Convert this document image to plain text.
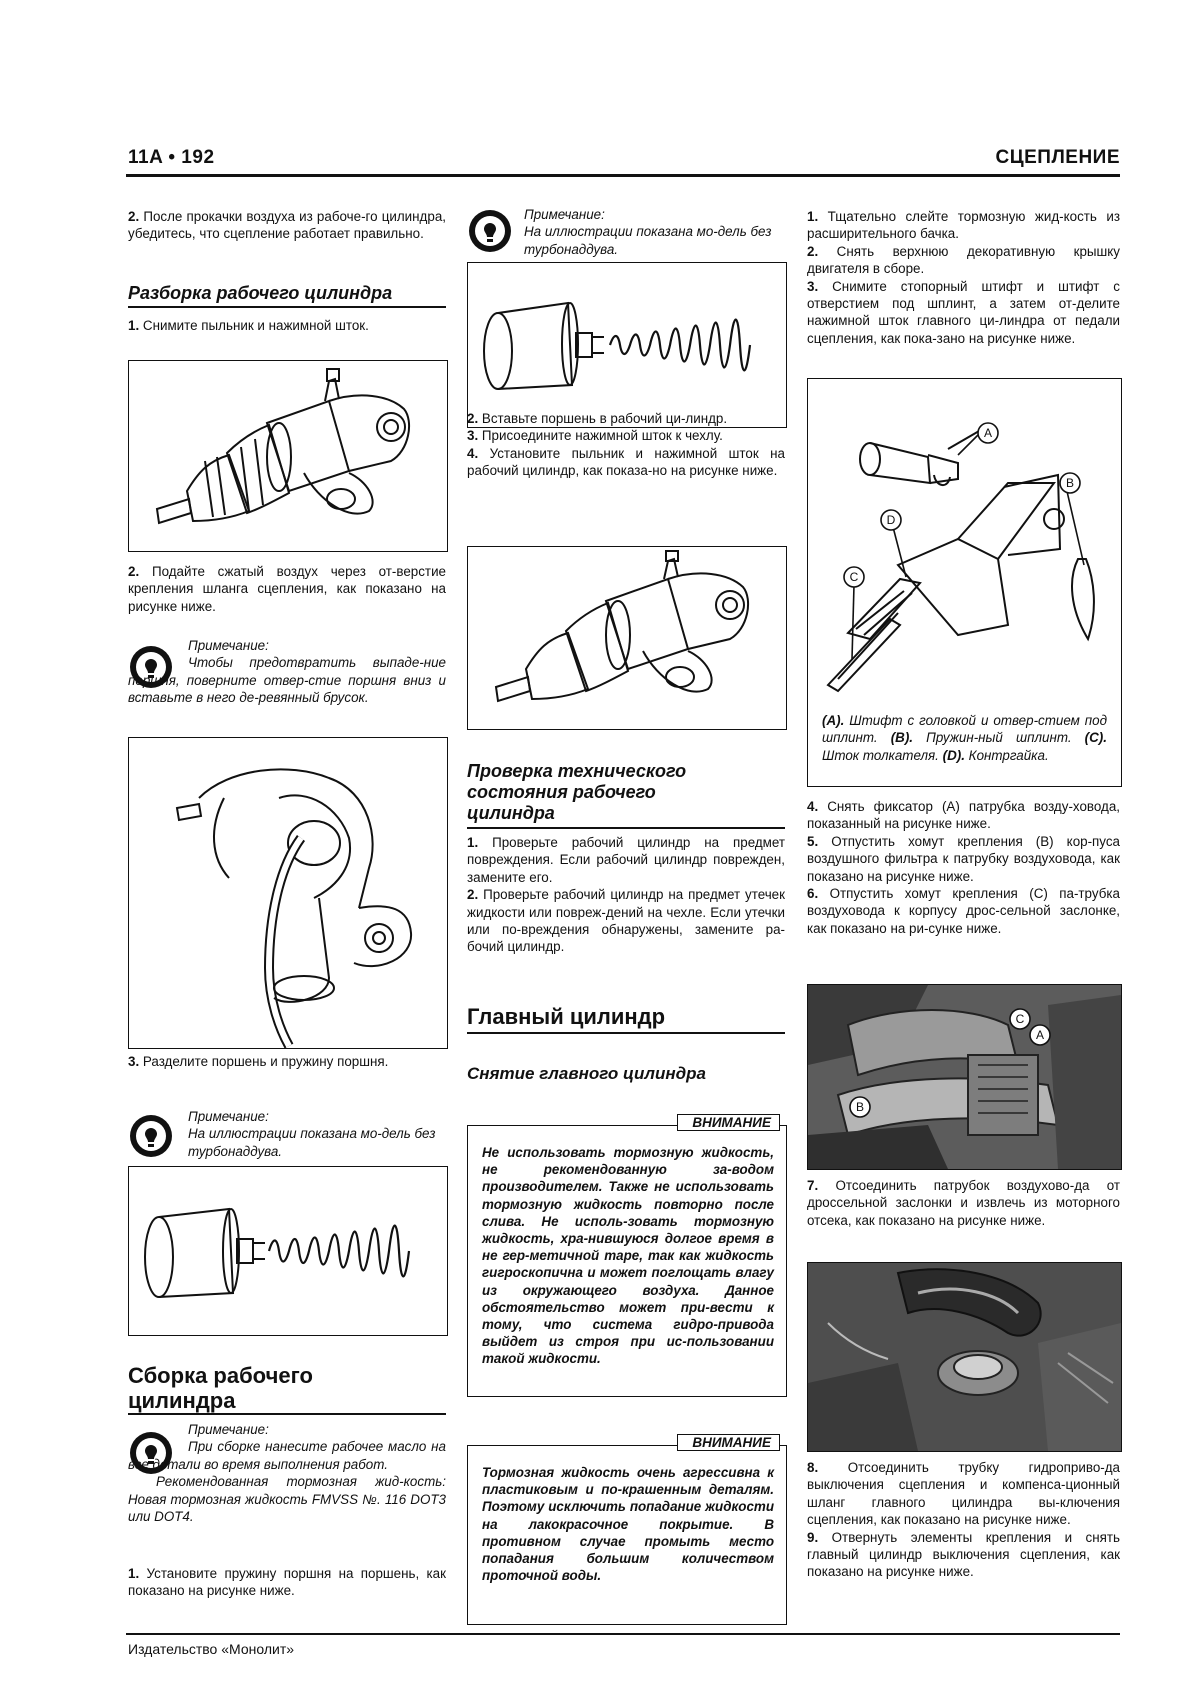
11A • 192	СЦЕПЛЕНИЕ

2. После прокачки воздуха из рабоче-го цилиндра, убедитесь, что сцепление работает правильно.

Разборка рабочего цилиндра

1. Снимите пыльник и нажимной шток.

2. Подайте сжатый воздух через от-верстие крепления шланга сцепления, как показано на рисунке ниже.

Примечание:

Чтобы предотвратить выпаде-ние поршня, поверните отвер-стие поршня вниз и вставьте в него де-ревянный брусок.

3. Разделите поршень и пружину поршня.

Примечание:

На иллюстрации показана мо-дель без турбонаддува.

Сборка рабочего цилиндра

Примечание:

При сборке нанесите рабочее масло на все детали во время выполнения работ.

Рекомендованная тормозная жид-кость: Новая тормозная жидкость FMVSS №. 116 DOT3 или DOT4.

1. Установите пружину поршня на поршень, как показано на рисунке ниже.

Примечание:

На иллюстрации показана мо-дель без турбонаддува.

2. Вставьте поршень в рабочий ци-линдр.

3. Присоедините нажимной шток к чехлу.

4. Установите пыльник и нажимной шток на рабочий цилиндр, как показа-но на рисунке ниже.

Проверка технического состояния рабочего цилиндра

1. Проверьте рабочий цилиндр на предмет повреждения. Если рабочий цилиндр поврежден, замените его.

2. Проверьте рабочий цилиндр на предмет утечек жидкости или повреж-дений на чехле. Если утечки или по-вреждения обнаружены, замените ра-бочий цилиндр.

Главный цилиндр
Снятие главного цилиндра
ВНИМАНИЕ

Не использовать тормозную жидкость, не рекомендованную за-водом производителем. Также не использовать тормозную жидкость повторно после слива. Не исполь-зовать тормозную жидкость, хра-нившуюся долгое время в не гер-метичной таре, так как жидкость гигроскопична и может поглощать влагу из окружающего воздуха. Данное обстоятельство может при-вести к тому, что система гидро-привода выйдет из строя при ис-пользовании такой жидкости.

ВНИМАНИЕ

Тормозная жидкость очень агрессивна к пластиковым и по-крашенным деталям. Поэтому исключить попадание жидкости на лакокрасочное покрытие. В противном случае промыть место попадания большим количеством проточной воды.

1. Тщательно слейте тормозную жид-кость из расширительного бачка.

2. Снять верхнюю декоративную крышку двигателя в сборе.

3. Снимите стопорный штифт и штифт с отверстием под шплинт, а затем от-делите нажимной шток главного ци-линдра от педали сцепления, как пока-зано на рисунке ниже.

A
B
D
C
(A). Штифт с головкой и отвер-стием под шплинт. (B). Пружин-ный шплинт. (C). Шток толкателя. (D). Контргайка.

4. Снять фиксатор (A) патрубка возду-ховода, показанный на рисунке ниже.

5. Отпустить хомут крепления (B) кор-пуса воздушного фильтра к патрубку воздуховода, как показано на рисунке ниже.

6. Отпустить хомут крепления (C) па-трубка воздуховода к корпусу дрос-сельной заслонке, как показано на ри-сунке ниже.

C
A
B

7. Отсоединить патрубок воздухово-да от дроссельной заслонки и извлечь из моторного отсека, как показано на рисунке ниже.

8. Отсоединить трубку гидроприво-да выключения сцепления и компенса-ционный шланг главного цилиндра вы-ключения сцепления, как показано на рисунке ниже.

9. Отвернуть элементы крепления и снять главный цилиндр выключения сцепления, как показано на рисунке ниже.

Издательство «Монолит»
